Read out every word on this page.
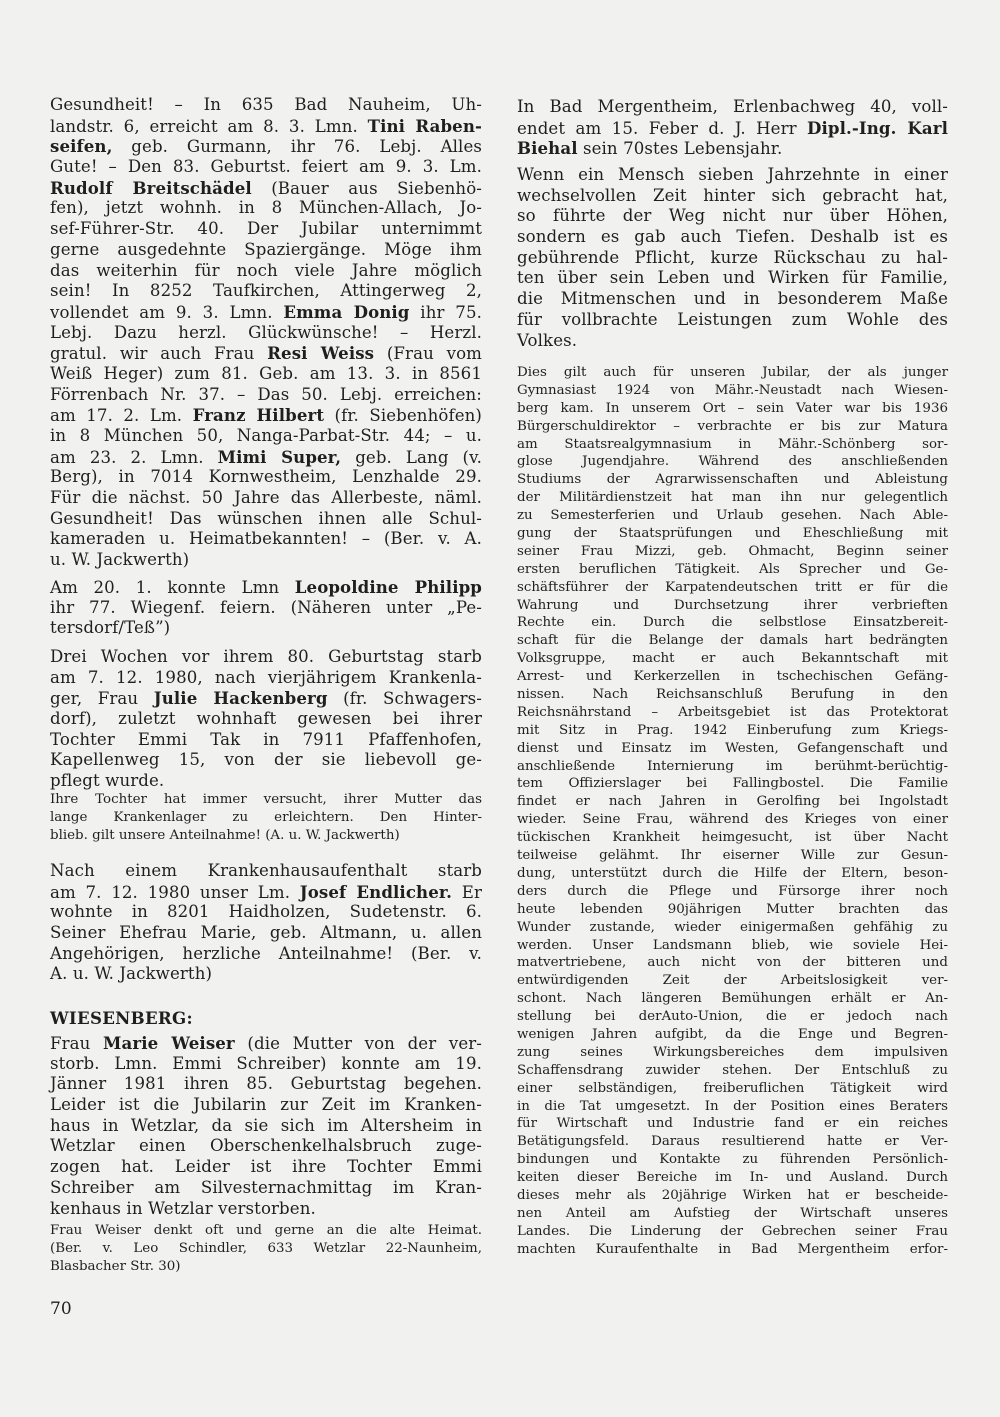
Gesundheit! – In 635 Bad Nauheim, Uh-
landstr. 6, erreicht am 8. 3. Lmn. Tini Raben-
seifen, geb. Gurmann, ihr 76. Lebj. Alles
Gute! – Den 83. Geburtst. feiert am 9. 3. Lm.
Rudolf Breitschädel (Bauer aus Siebenhö-
fen), jetzt wohnh. in 8 München-Allach, Jo-
sef-Führer-Str. 40. Der Jubilar unternimmt
gerne ausgedehnte Spaziergänge. Möge ihm
das weiterhin für noch viele Jahre möglich
sein! In 8252 Taufkirchen, Attingerweg 2,
vollendet am 9. 3. Lmn. Emma Donig ihr 75.
Lebj. Dazu herzl. Glückwünsche! – Herzl.
gratul. wir auch Frau Resi Weiss (Frau vom
Weiß Heger) zum 81. Geb. am 13. 3. in 8561
Förrenbach Nr. 37. – Das 50. Lebj. erreichen:
am 17. 2. Lm. Franz Hilbert (fr. Siebenhöfen)
in 8 München 50, Nanga-Parbat-Str. 44; – u.
am 23. 2. Lmn. Mimi Super, geb. Lang (v.
Berg), in 7014 Kornwestheim, Lenzhalde 29.
Für die nächst. 50 Jahre das Allerbeste, näml.
Gesundheit! Das wünschen ihnen alle Schul-
kameraden u. Heimatbekannten! – (Ber. v. A.
u. W. Jackwerth)
Am 20. 1. konnte Lmn Leopoldine Philipp
ihr 77. Wiegenf. feiern. (Näheren unter „Pe-
tersdorf/Teß”)
Drei Wochen vor ihrem 80. Geburtstag starb
am 7. 12. 1980, nach vierjährigem Krankenla-
ger, Frau Julie Hackenberg (fr. Schwagers-
dorf), zuletzt wohnhaft gewesen bei ihrer
Tochter Emmi Tak in 7911 Pfaffenhofen,
Kapellenweg 15, von der sie liebevoll ge-
pflegt wurde.
Ihre Tochter hat immer versucht, ihrer Mutter das
lange Krankenlager zu erleichtern. Den Hinter-
blieb. gilt unsere Anteilnahme! (A. u. W. Jackwerth)
Nach einem Krankenhausaufenthalt starb
am 7. 12. 1980 unser Lm. Josef Endlicher. Er
wohnte in 8201 Haidholzen, Sudetenstr. 6.
Seiner Ehefrau Marie, geb. Altmann, u. allen
Angehörigen, herzliche Anteilnahme! (Ber. v.
A. u. W. Jackwerth)
WIESENBERG:
Frau Marie Weiser (die Mutter von der ver-
storb. Lmn. Emmi Schreiber) konnte am 19.
Jänner 1981 ihren 85. Geburtstag begehen.
Leider ist die Jubilarin zur Zeit im Kranken-
haus in Wetzlar, da sie sich im Altersheim in
Wetzlar einen Oberschenkelhalsbruch zuge-
zogen hat. Leider ist ihre Tochter Emmi
Schreiber am Silvesternachmittag im Kran-
kenhaus in Wetzlar verstorben.
Frau Weiser denkt oft und gerne an die alte Heimat.
(Ber. v. Leo Schindler, 633 Wetzlar 22-Naunheim,
Blasbacher Str. 30)
In Bad Mergentheim, Erlenbachweg 40, voll-
endet am 15. Feber d. J. Herr Dipl.-Ing. Karl
Biehal sein 70stes Lebensjahr.
Wenn ein Mensch sieben Jahrzehnte in einer
wechselvollen Zeit hinter sich gebracht hat,
so führte der Weg nicht nur über Höhen,
sondern es gab auch Tiefen. Deshalb ist es
gebührende Pflicht, kurze Rückschau zu hal-
ten über sein Leben und Wirken für Familie,
die Mitmenschen und in besonderem Maße
für vollbrachte Leistungen zum Wohle des
Volkes.
Dies gilt auch für unseren Jubilar, der als junger
Gymnasiast 1924 von Mähr.-Neustadt nach Wiesen-
berg kam. In unserem Ort – sein Vater war bis 1936
Bürgerschuldirektor – verbrachte er bis zur Matura
am Staatsrealgymnasium in Mähr.-Schönberg sor-
glose Jugendjahre. Während des anschließenden
Studiums der Agrarwissenschaften und Ableistung
der Militärdienstzeit hat man ihn nur gelegentlich
zu Semesterferien und Urlaub gesehen. Nach Able-
gung der Staatsprüfungen und Eheschließung mit
seiner Frau Mizzi, geb. Ohmacht, Beginn seiner
ersten beruflichen Tätigkeit. Als Sprecher und Ge-
schäftsführer der Karpatendeutschen tritt er für die
Wahrung und Durchsetzung ihrer verbrieften
Rechte ein. Durch die selbstlose Einsatzbereit-
schaft für die Belange der damals hart bedrängten
Volksgruppe, macht er auch Bekanntschaft mit
Arrest- und Kerkerzellen in tschechischen Gefäng-
nissen. Nach Reichsanschluß Berufung in den
Reichsnährstand – Arbeitsgebiet ist das Protektorat
mit Sitz in Prag. 1942 Einberufung zum Kriegs-
dienst und Einsatz im Westen, Gefangenschaft und
anschließende Internierung im berühmt-berüchtig-
tem Offizierslager bei Fallingbostel. Die Familie
findet er nach Jahren in Gerolfing bei Ingolstadt
wieder. Seine Frau, während des Krieges von einer
tückischen Krankheit heimgesucht, ist über Nacht
teilweise gelähmt. Ihr eiserner Wille zur Gesun-
dung, unterstützt durch die Hilfe der Eltern, beson-
ders durch die Pflege und Fürsorge ihrer noch
heute lebenden 90jährigen Mutter brachten das
Wunder zustande, wieder einigermaßen gehfähig zu
werden. Unser Landsmann blieb, wie soviele Hei-
matvertriebene, auch nicht von der bitteren und
entwürdigenden Zeit der Arbeitslosigkeit ver-
schont. Nach längeren Bemühungen erhält er An-
stellung bei derAuto-Union, die er jedoch nach
wenigen Jahren aufgibt, da die Enge und Begren-
zung seines Wirkungsbereiches dem impulsiven
Schaffensdrang zuwider stehen. Der Entschluß zu
einer selbständigen, freiberuflichen Tätigkeit wird
in die Tat umgesetzt. In der Position eines Beraters
für Wirtschaft und Industrie fand er ein reiches
Betätigungsfeld. Daraus resultierend hatte er Ver-
bindungen und Kontakte zu führenden Persönlich-
keiten dieser Bereiche im In- und Ausland. Durch
dieses mehr als 20jährige Wirken hat er bescheide-
nen Anteil am Aufstieg der Wirtschaft unseres
Landes. Die Linderung der Gebrechen seiner Frau
machten Kuraufenthalte in Bad Mergentheim erfor-
70
